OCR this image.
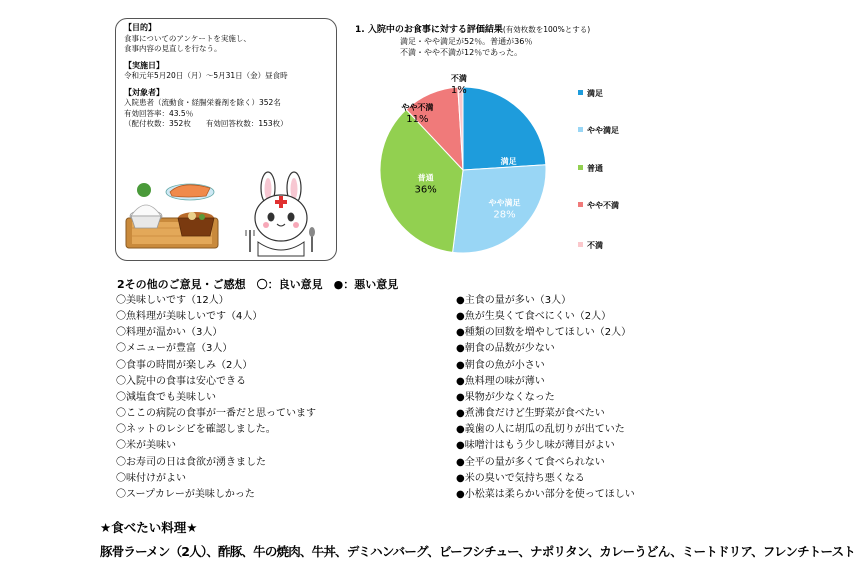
【目的】
食事についてのアンケートを実施し、
食事内容の見直しを行なう。
【実施日】
令和元年5月20日（月）～5月31日（金）昼食時
【対象者】
入院患者（流動食・経腸栄養剤を除く）352名
有効回答率：43.5％
（配付枚数：352枚　　有効回答枚数：153枚）
1. 入院中のお食事に対する評価結果(有効枚数を100%とする)
満足・やや満足が52％。普通が36％
不満・やや不満が12％であった。
満足
やや満足
28%
普通
36%
やや不満
11%
不満
1%	満足
やや満足
普通
やや不満
不満
2その他のご意見・ご感想　〇：良い意見　●：悪い意見
〇美味しいです（12人）
〇魚料理が美味しいです（4人）
〇料理が温かい（3人）
〇メニューが豊富（3人）
〇食事の時間が楽しみ（2人）
〇入院中の食事は安心できる
〇減塩食でも美味しい
〇ここの病院の食事が一番だと思っています
〇ネットのレシピを確認しました。
〇米が美味い
〇お寿司の日は食欲が湧きました
〇味付けがよい
〇スープカレーが美味しかった
●主食の量が多い（3人）
●魚が生臭くて食べにくい（2人）
●種類の回数を増やしてほしい（2人）
●朝食の品数が少ない
●朝食の魚が小さい
●魚料理の味が薄い
●果物が少なくなった
●煮沸食だけど生野菜が食べたい
●義歯の人に胡瓜の乱切りが出ていた
●味噌汁はもう少し味が薄目がよい
●全平の量が多くて食べられない
●米の臭いで気持ち悪くなる
●小松菜は柔らかい部分を使ってほしい
★食べたい料理★
豚骨ラーメン（2人）、酢豚、牛の焼肉、牛丼、デミハンバーグ、ビーフシチュー、ナポリタン、カレーうどん、ミートドリア、フレンチトースト
